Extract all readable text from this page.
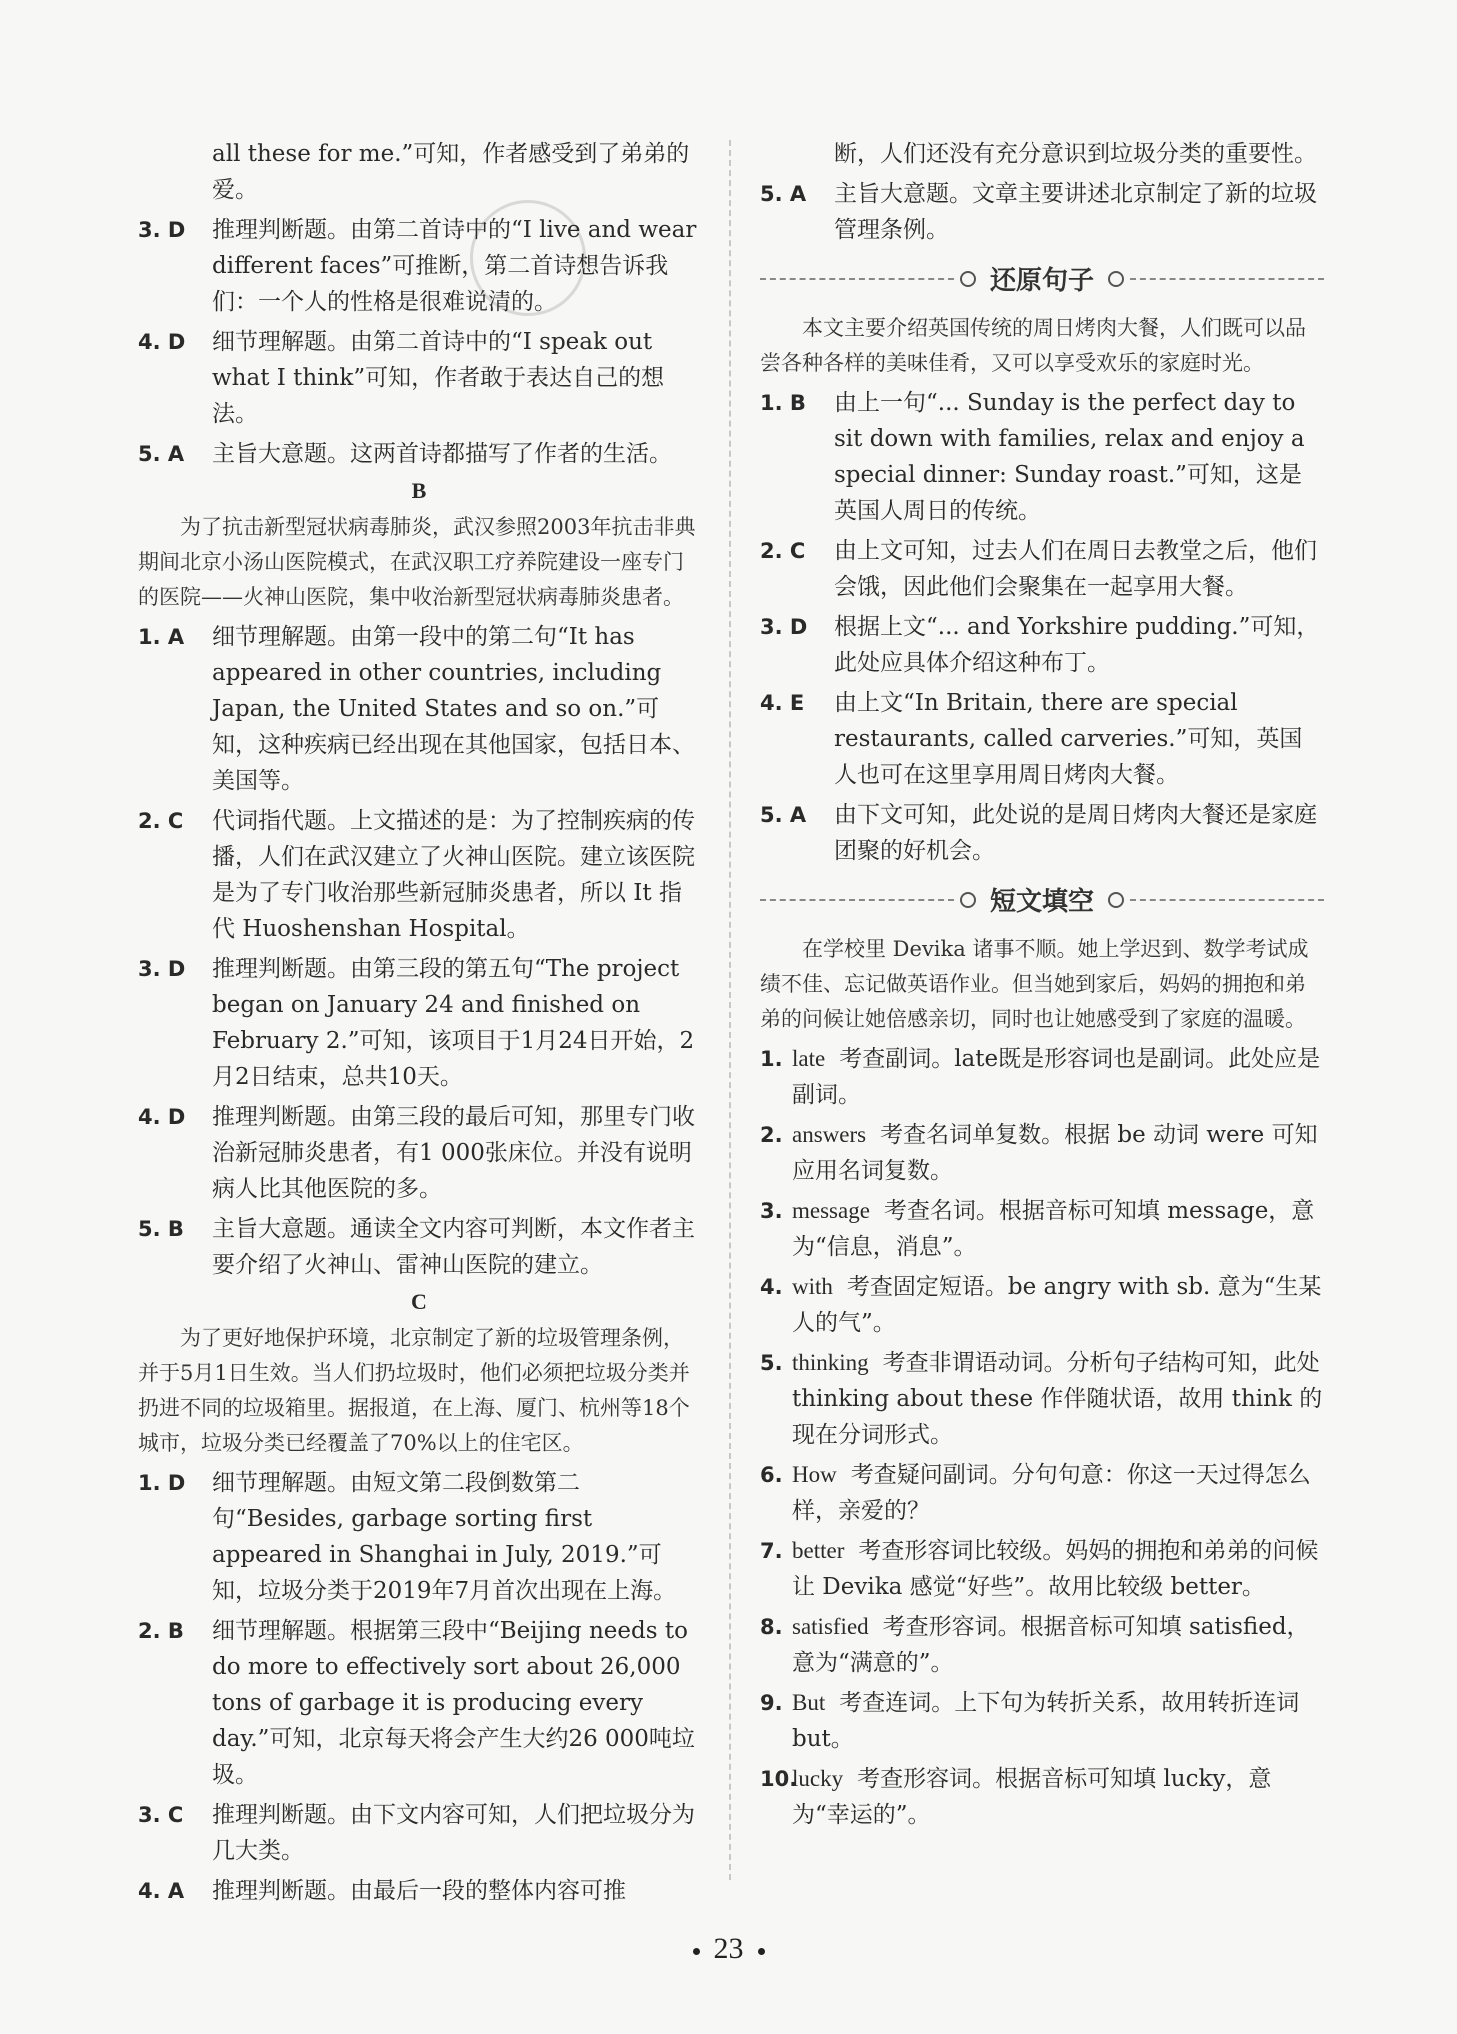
all these for me.”可知，作者感受到了弟弟的爱。
3. D 推理判断题。由第二首诗中的“I live and wear different faces”可推断，第二首诗想告诉我们：一个人的性格是很难说清的。
4. D 细节理解题。由第二首诗中的“I speak out what I think”可知，作者敢于表达自己的想法。
5. A 主旨大意题。这两首诗都描写了作者的生活。
B
为了抗击新型冠状病毒肺炎，武汉参照2003年抗击非典期间北京小汤山医院模式，在武汉职工疗养院建设一座专门的医院——火神山医院，集中收治新型冠状病毒肺炎患者。
1. A 细节理解题。由第一段中的第二句“It has appeared in other countries, including Japan, the United States and so on.”可知，这种疾病已经出现在其他国家，包括日本、美国等。
2. C 代词指代题。上文描述的是：为了控制疾病的传播，人们在武汉建立了火神山医院。建立该医院是为了专门收治那些新冠肺炎患者，所以 It 指代 Huoshenshan Hospital。
3. D 推理判断题。由第三段的第五句“The project began on January 24 and finished on February 2.”可知，该项目于1月24日开始，2月2日结束，总共10天。
4. D 推理判断题。由第三段的最后可知，那里专门收治新冠肺炎患者，有1 000张床位。并没有说明病人比其他医院的多。
5. B 主旨大意题。通读全文内容可判断，本文作者主要介绍了火神山、雷神山医院的建立。
C
为了更好地保护环境，北京制定了新的垃圾管理条例，并于5月1日生效。当人们扔垃圾时，他们必须把垃圾分类并扔进不同的垃圾箱里。据报道，在上海、厦门、杭州等18个城市，垃圾分类已经覆盖了70%以上的住宅区。
1. D 细节理解题。由短文第二段倒数第二句“Besides, garbage sorting first appeared in Shanghai in July, 2019.”可知，垃圾分类于2019年7月首次出现在上海。
2. B 细节理解题。根据第三段中“Beijing needs to do more to effectively sort about 26,000 tons of garbage it is producing every day.”可知，北京每天将会产生大约26 000吨垃圾。
3. C 推理判断题。由下文内容可知，人们把垃圾分为几大类。
4. A 推理判断题。由最后一段的整体内容可推
断，人们还没有充分意识到垃圾分类的重要性。
5. A 主旨大意题。文章主要讲述北京制定了新的垃圾管理条例。
还原句子
本文主要介绍英国传统的周日烤肉大餐，人们既可以品尝各种各样的美味佳肴，又可以享受欢乐的家庭时光。
1. B 由上一句“... Sunday is the perfect day to sit down with families, relax and enjoy a special dinner: Sunday roast.”可知，这是英国人周日的传统。
2. C 由上文可知，过去人们在周日去教堂之后，他们会饿，因此他们会聚集在一起享用大餐。
3. D 根据上文“... and Yorkshire pudding.”可知，此处应具体介绍这种布丁。
4. E 由上文“In Britain, there are special restaurants, called carveries.”可知，英国人也可在这里享用周日烤肉大餐。
5. A 由下文可知，此处说的是周日烤肉大餐还是家庭团聚的好机会。
短文填空
在学校里 Devika 诸事不顺。她上学迟到、数学考试成绩不佳、忘记做英语作业。但当她到家后，妈妈的拥抱和弟弟的问候让她倍感亲切，同时也让她感受到了家庭的温暖。
1. late 考查副词。late既是形容词也是副词。此处应是副词。
2. answers 考查名词单复数。根据 be 动词 were 可知应用名词复数。
3. message 考查名词。根据音标可知填 message，意为“信息，消息”。
4. with 考查固定短语。be angry with sb. 意为“生某人的气”。
5. thinking 考查非谓语动词。分析句子结构可知，此处 thinking about these 作伴随状语，故用 think 的现在分词形式。
6. How 考查疑问副词。分句句意：你这一天过得怎么样，亲爱的？
7. better 考查形容词比较级。妈妈的拥抱和弟弟的问候让 Devika 感觉“好些”。故用比较级 better。
8. satisfied 考查形容词。根据音标可知填 satisfied，意为“满意的”。
9. But 考查连词。上下句为转折关系，故用转折连词 but。
10.
lucky 考查形容词。根据音标可知填 lucky，意为“幸运的”。
23
